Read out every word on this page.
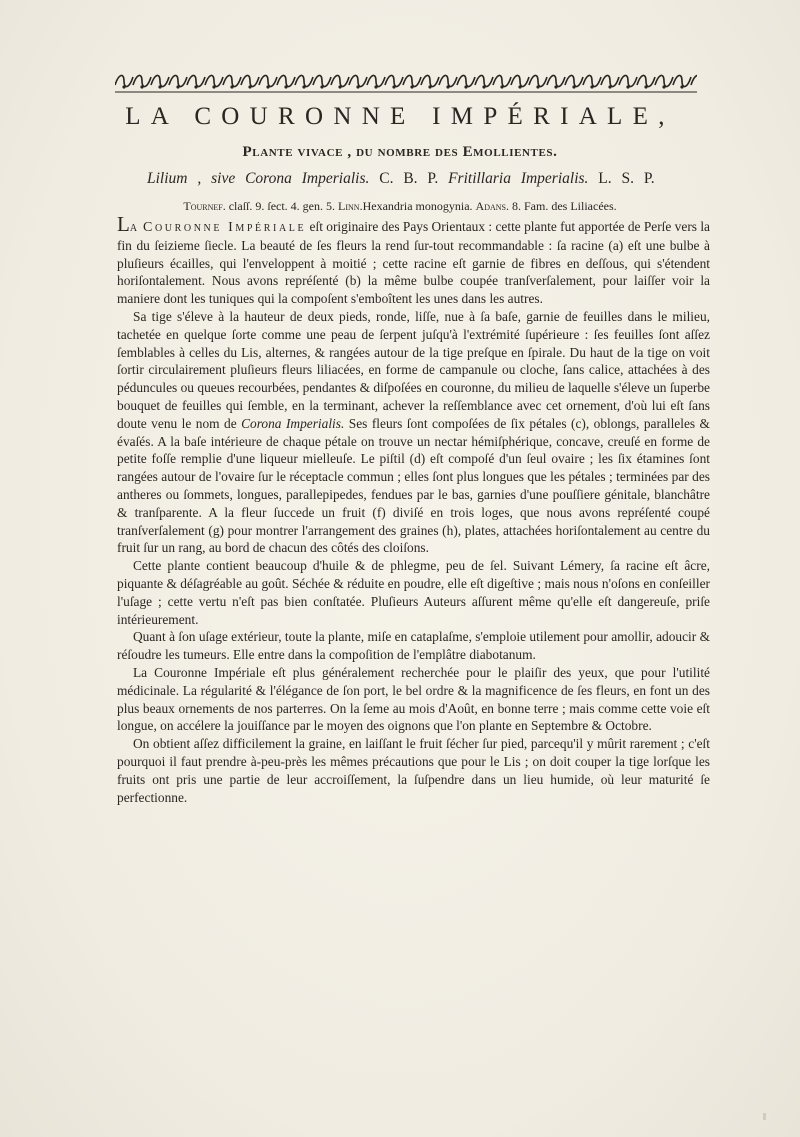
LA COURONNE IMPÉRIALE,
Plante vivace , du nombre des Emollientes.

Lilium , sive Corona Imperialis. C. B. P. Fritillaria Imperialis. L. S. P.

Tournef. claſſ. 9. ſect. 4. gen. 5. Linn.Hexandria monogynia. Adans. 8. Fam. des Liliacées.

La Couronne Impériale eſt originaire des Pays Orientaux : cette plante fut apportée de Perſe vers la fin du ſeizieme ſiecle. La beauté de ſes fleurs la rend ſur-tout recommandable : ſa racine (a) eſt une bulbe à pluſieurs écailles, qui l'enveloppent à moitié ; cette racine eſt garnie de fibres en deſſous, qui s'étendent horiſontalement. Nous avons repréſenté (b) la même bulbe coupée tranſverſalement, pour laiſſer voir la maniere dont les tuniques qui la compoſent s'emboîtent les unes dans les autres.

Sa tige s'éleve à la hauteur de deux pieds, ronde, liſſe, nue à ſa baſe, garnie de feuilles dans le milieu, tachetée en quelque ſorte comme une peau de ſerpent juſqu'à l'extrémité ſupérieure : ſes feuilles ſont aſſez ſemblables à celles du Lis, alternes, & rangées autour de la tige preſque en ſpirale. Du haut de la tige on voit ſortir circulairement pluſieurs fleurs liliacées, en forme de campanule ou cloche, ſans calice, attachées à des péduncules ou queues recourbées, pendantes & diſpoſées en couronne, du milieu de laquelle s'éleve un ſuperbe bouquet de feuilles qui ſemble, en la terminant, achever la reſſemblance avec cet ornement, d'où lui eſt ſans doute venu le nom de Corona Imperialis. Ses fleurs ſont compoſées de ſix pétales (c), oblongs, paralleles & évaſés. A la baſe intérieure de chaque pétale on trouve un nectar hémiſphérique, concave, creuſé en forme de petite foſſe remplie d'une liqueur mielleuſe. Le piſtil (d) eſt compoſé d'un ſeul ovaire ; les ſix étamines ſont rangées autour de l'ovaire ſur le réceptacle commun ; elles ſont plus longues que les pétales ; terminées par des antheres ou ſommets, longues, parallepipedes, fendues par le bas, garnies d'une pouſſiere génitale, blanchâtre & tranſparente. A la fleur ſuccede un fruit (f) diviſé en trois loges, que nous avons repréſenté coupé tranſverſalement (g) pour montrer l'arrangement des graines (h), plates, attachées horiſontalement au centre du fruit ſur un rang, au bord de chacun des côtés des cloiſons.

Cette plante contient beaucoup d'huile & de phlegme, peu de ſel. Suivant Lémery, ſa racine eſt âcre, piquante & déſagréable au goût. Séchée & réduite en poudre, elle eſt digeſtive ; mais nous n'oſons en conſeiller l'uſage ; cette vertu n'eſt pas bien conſtatée. Pluſieurs Auteurs aſſurent même qu'elle eſt dangereuſe, priſe intérieurement.

Quant à ſon uſage extérieur, toute la plante, miſe en cataplaſme, s'emploie utilement pour amollir, adoucir & réſoudre les tumeurs. Elle entre dans la compoſition de l'emplâtre diabotanum.

La Couronne Impériale eſt plus généralement recherchée pour le plaiſir des yeux, que pour l'utilité médicinale. La régularité & l'élégance de ſon port, le bel ordre & la magnificence de ſes fleurs, en font un des plus beaux ornements de nos parterres. On la ſeme au mois d'Août, en bonne terre ; mais comme cette voie eſt longue, on accélere la jouiſſance par le moyen des oignons que l'on plante en Septembre & Octobre.

On obtient aſſez difficilement la graine, en laiſſant le fruit ſécher ſur pied, parcequ'il y mûrit rarement ; c'eſt pourquoi il faut prendre à-peu-près les mêmes précautions que pour le Lis ; on doit couper la tige lorſque les fruits ont pris une partie de leur accroiſſement, la ſuſpendre dans un lieu humide, où leur maturité ſe perfectionne.
